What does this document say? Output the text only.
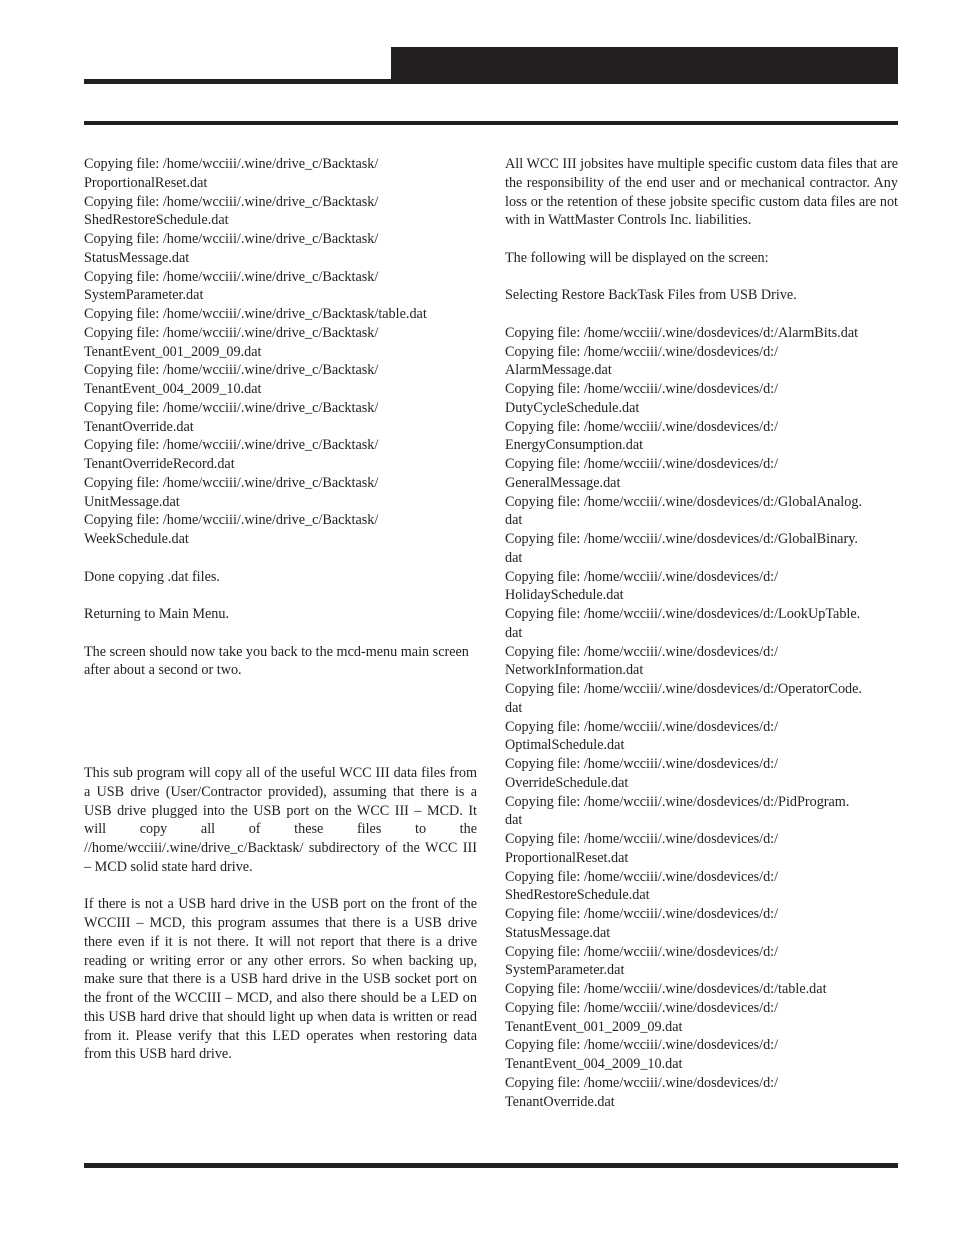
Copying file: /home/wcciii/.wine/drive_c/Backtask/

ProportionalReset.dat

Copying file: /home/wcciii/.wine/drive_c/Backtask/

ShedRestoreSchedule.dat

Copying file: /home/wcciii/.wine/drive_c/Backtask/

StatusMessage.dat

Copying file: /home/wcciii/.wine/drive_c/Backtask/

SystemParameter.dat

Copying file: /home/wcciii/.wine/drive_c/Backtask/table.dat

Copying file: /home/wcciii/.wine/drive_c/Backtask/

TenantEvent_001_2009_09.dat

Copying file: /home/wcciii/.wine/drive_c/Backtask/

TenantEvent_004_2009_10.dat

Copying file: /home/wcciii/.wine/drive_c/Backtask/

TenantOverride.dat

Copying file: /home/wcciii/.wine/drive_c/Backtask/

TenantOverrideRecord.dat

Copying file: /home/wcciii/.wine/drive_c/Backtask/

UnitMessage.dat

Copying file: /home/wcciii/.wine/drive_c/Backtask/

WeekSchedule.dat

Done copying .dat files.

Returning to Main Menu.

The screen should now take you back to the mcd-menu main screen after about a second or two.

This sub program will copy all of the useful WCC III data files from a USB drive (User/Contractor provided), assuming that there is a USB drive plugged into the USB port on the WCC III – MCD. It will copy all of these files to the //home/wcciii/.wine/drive_c/Backtask/ subdirectory of the WCC III – MCD solid state hard drive.

If there is not a USB hard drive in the USB port on the front of the WCCIII – MCD, this program assumes that there is a USB drive there even if it is not there. It will not report that there is a drive reading or writing error or any other errors. So when backing up, make sure that there is a USB hard drive in the USB socket port on the front of the WCCIII – MCD, and also there should be a LED on this USB hard drive that should light up when data is written or read from it. Please verify that this LED operates when restoring data from this USB hard drive.

All WCC III jobsites have multiple specific custom data files that are the responsibility of the end user and or mechanical contractor. Any loss or the retention of these jobsite specific custom data files are not with in WattMaster Controls Inc. liabilities.

The following will be displayed on the screen:

Selecting Restore BackTask Files from USB Drive.

Copying file: /home/wcciii/.wine/dosdevices/d:/AlarmBits.dat

Copying file: /home/wcciii/.wine/dosdevices/d:/

AlarmMessage.dat

Copying file: /home/wcciii/.wine/dosdevices/d:/

DutyCycleSchedule.dat

Copying file: /home/wcciii/.wine/dosdevices/d:/

EnergyConsumption.dat

Copying file: /home/wcciii/.wine/dosdevices/d:/

GeneralMessage.dat

Copying file: /home/wcciii/.wine/dosdevices/d:/GlobalAnalog.

dat

Copying file: /home/wcciii/.wine/dosdevices/d:/GlobalBinary.

dat

Copying file: /home/wcciii/.wine/dosdevices/d:/

HolidaySchedule.dat

Copying file: /home/wcciii/.wine/dosdevices/d:/LookUpTable.

dat

Copying file: /home/wcciii/.wine/dosdevices/d:/

NetworkInformation.dat

Copying file: /home/wcciii/.wine/dosdevices/d:/OperatorCode.

dat

Copying file: /home/wcciii/.wine/dosdevices/d:/

OptimalSchedule.dat

Copying file: /home/wcciii/.wine/dosdevices/d:/

OverrideSchedule.dat

Copying file: /home/wcciii/.wine/dosdevices/d:/PidProgram.

dat

Copying file: /home/wcciii/.wine/dosdevices/d:/

ProportionalReset.dat

Copying file: /home/wcciii/.wine/dosdevices/d:/

ShedRestoreSchedule.dat

Copying file: /home/wcciii/.wine/dosdevices/d:/

StatusMessage.dat

Copying file: /home/wcciii/.wine/dosdevices/d:/

SystemParameter.dat

Copying file: /home/wcciii/.wine/dosdevices/d:/table.dat

Copying file: /home/wcciii/.wine/dosdevices/d:/

TenantEvent_001_2009_09.dat

Copying file: /home/wcciii/.wine/dosdevices/d:/

TenantEvent_004_2009_10.dat

Copying file: /home/wcciii/.wine/dosdevices/d:/

TenantOverride.dat
